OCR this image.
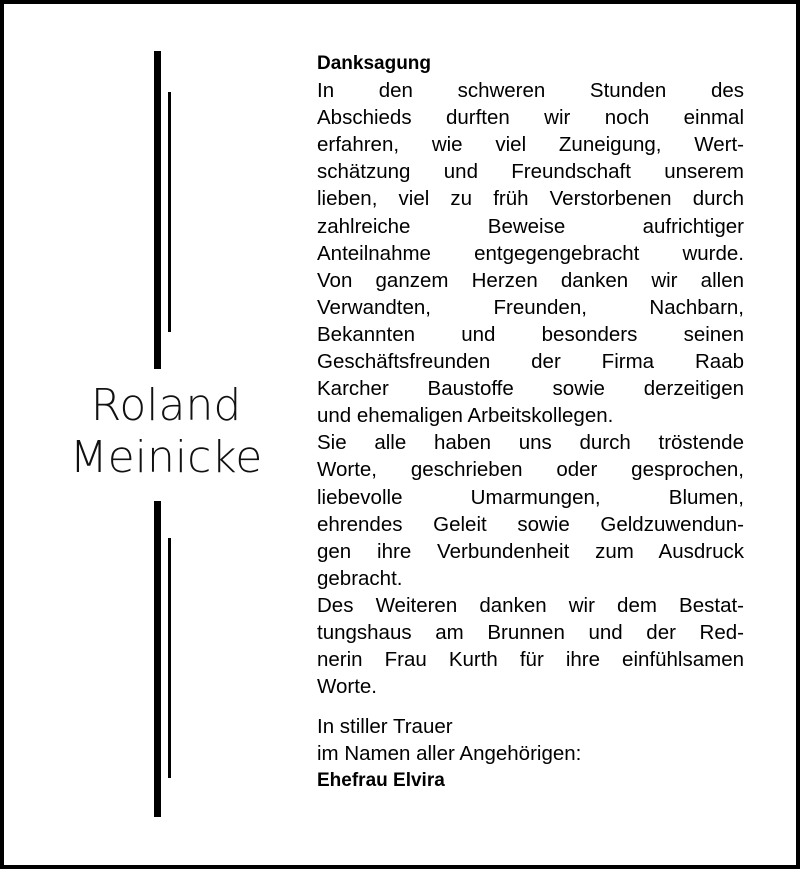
Roland
Meinicke
Danksagung
In den schweren Stunden des
Abschieds durften wir noch einmal
erfahren, wie viel Zuneigung, Wert-
schätzung und Freundschaft unserem
lieben, viel zu früh Verstorbenen durch
zahlreiche Beweise aufrichtiger
Anteilnahme entgegengebracht wurde.
Von ganzem Herzen danken wir allen
Verwandten, Freunden, Nachbarn,
Bekannten und besonders seinen
Geschäftsfreunden der Firma Raab
Karcher Baustoffe sowie derzeitigen
und ehemaligen Arbeitskollegen.
Sie alle haben uns durch tröstende
Worte, geschrieben oder gesprochen,
liebevolle Umarmungen, Blumen,
ehrendes Geleit sowie Geldzuwendun-
gen ihre Verbundenheit zum Ausdruck
gebracht.
Des Weiteren danken wir dem Bestat-
tungshaus am Brunnen und der Red-
nerin Frau Kurth für ihre einfühlsamen
Worte.
In stiller Trauer
im Namen aller Angehörigen:
Ehefrau Elvira
